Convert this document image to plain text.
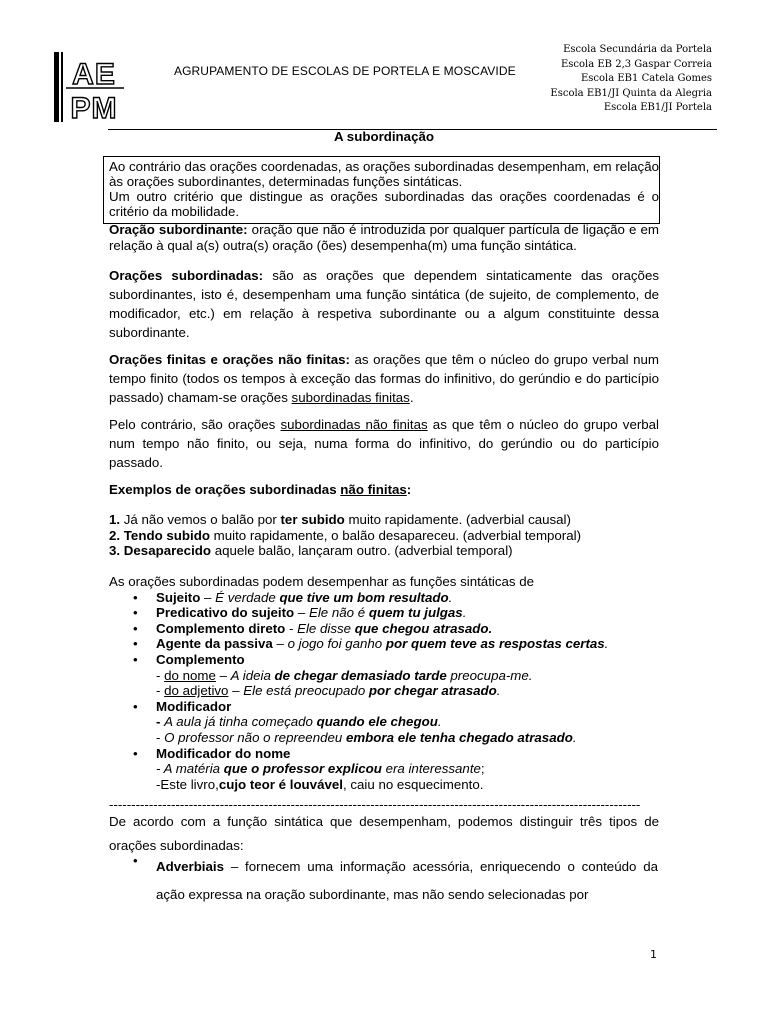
AE
PM
AGRUPAMENTO DE ESCOLAS DE PORTELA E MOSCAVIDE
Escola Secundária da Portela
Escola EB 2,3 Gaspar Correia
Escola EB1 Catela Gomes
Escola EB1/JI Quinta da Alegria
Escola EB1/JI Portela
A subordinação
Ao contrário das orações coordenadas, as orações subordinadas desempenham, em relação às orações subordinantes, determinadas funções sintáticas.
Um outro critério que distingue as orações subordinadas das orações coordenadas é o critério da mobilidade.
Oração subordinante: oração que não é introduzida por qualquer partícula de ligação e em relação à qual a(s) outra(s) oração (ões) desempenha(m) uma função sintática.
Orações subordinadas: são as orações que dependem sintaticamente das orações subordinantes, isto é, desempenham uma função sintática (de sujeito, de complemento, de modificador, etc.) em relação à respetiva subordinante ou a algum constituinte dessa subordinante.
Orações finitas e orações não finitas: as orações que têm o núcleo do grupo verbal num tempo finito (todos os tempos à exceção das formas do infinitivo, do gerúndio e do particípio passado) chamam-se orações subordinadas finitas.
Pelo contrário, são orações subordinadas não finitas as que têm o núcleo do grupo verbal num tempo não finito, ou seja, numa forma do infinitivo, do gerúndio ou do particípio passado.
Exemplos de orações subordinadas não finitas:
1. Já não vemos o balão por ter subido muito rapidamente. (adverbial causal)
2. Tendo subido muito rapidamente, o balão desapareceu. (adverbial temporal)
3. Desaparecido aquele balão, lançaram outro. (adverbial temporal)
As orações subordinadas podem desempenhar as funções sintáticas de
• Sujeito – É verdade que tive um bom resultado.
• Predicativo do sujeito – Ele não é quem tu julgas.
• Complemento direto - Ele disse que chegou atrasado.
• Agente da passiva – o jogo foi ganho por quem teve as respostas certas.
• Complemento
- do nome – A ideia de chegar demasiado tarde preocupa-me.
- do adjetivo – Ele está preocupado por chegar atrasado.
• Modificador
- A aula já tinha começado quando ele chegou.
- O professor não o repreendeu embora ele tenha chegado atrasado.
• Modificador do nome
- A matéria que o professor explicou era interessante;
-Este livro,cujo teor é louvável, caiu no esquecimento.
------------------------------------------------------------------------------------------------------------------------
De acordo com a função sintática que desempenham, podemos distinguir três tipos de orações subordinadas:
• Adverbiais – fornecem uma informação acessória, enriquecendo o conteúdo da ação expressa na oração subordinante, mas não sendo selecionadas por
1
